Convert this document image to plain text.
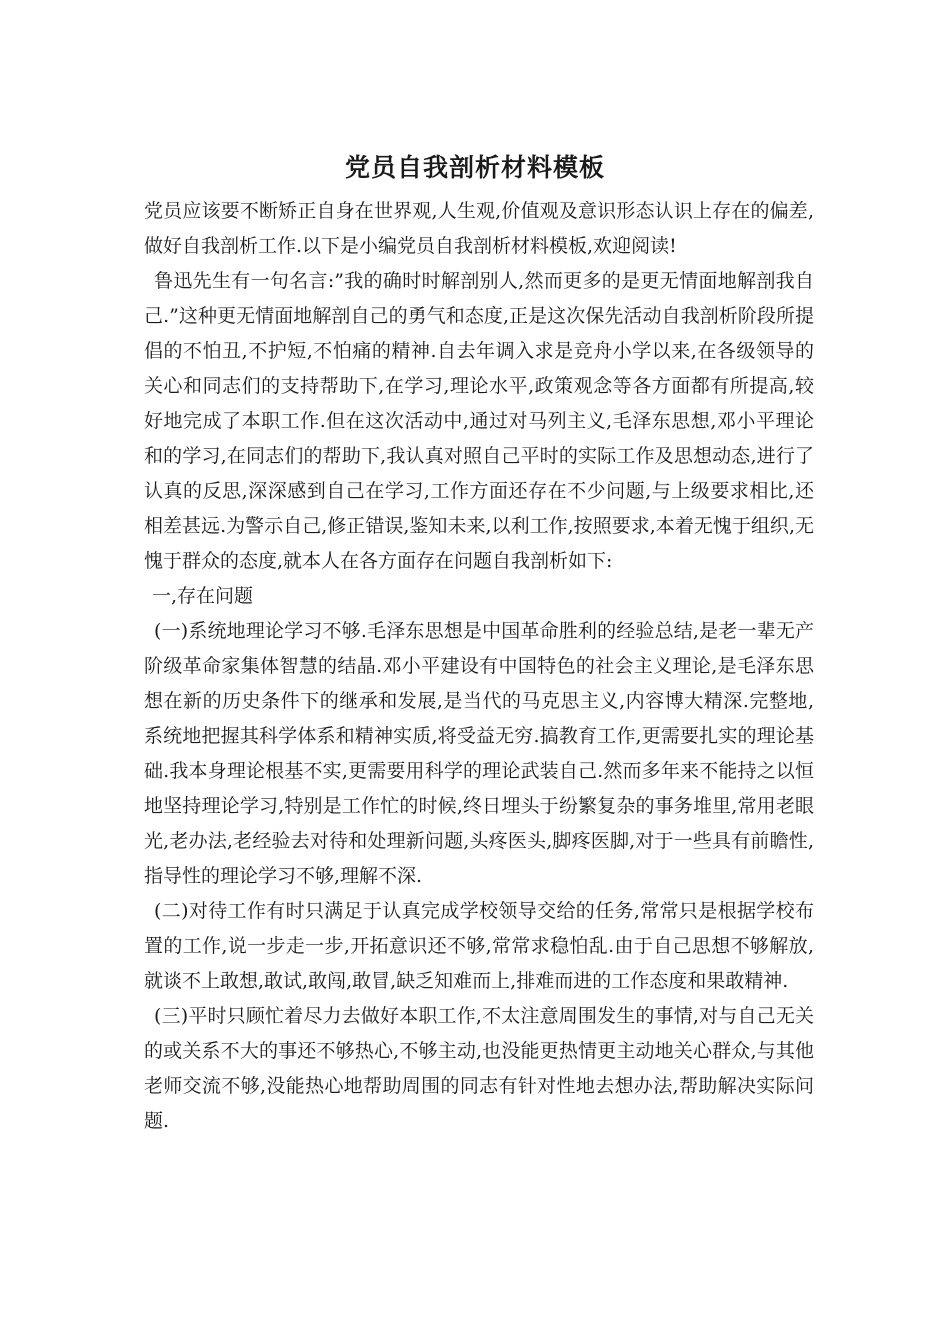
党员自我剖析材料模板

党员应该要不断矫正自身在世界观,人生观,价值观及意识形态认识上存在的偏差,做好自我剖析工作.以下是小编党员自我剖析材料模板,欢迎阅读!

鲁迅先生有一句名言:”我的确时时解剖别人,然而更多的是更无情面地解剖我自己.”这种更无情面地解剖自己的勇气和态度,正是这次保先活动自我剖析阶段所提倡的不怕丑,不护短,不怕痛的精神.自去年调入求是竞舟小学以来,在各级领导的关心和同志们的支持帮助下,在学习,理论水平,政策观念等各方面都有所提高,较好地完成了本职工作.但在这次活动中,通过对马列主义,毛泽东思想,邓小平理论和的学习,在同志们的帮助下,我认真对照自己平时的实际工作及思想动态,进行了认真的反思,深深感到自己在学习,工作方面还存在不少问题,与上级要求相比,还相差甚远.为警示自己,修正错误,鉴知未来,以利工作,按照要求,本着无愧于组织,无愧于群众的态度,就本人在各方面存在问题自我剖析如下:

一,存在问题

(一)系统地理论学习不够.毛泽东思想是中国革命胜利的经验总结,是老一辈无产阶级革命家集体智慧的结晶.邓小平建设有中国特色的社会主义理论,是毛泽东思想在新的历史条件下的继承和发展,是当代的马克思主义,内容博大精深.完整地,系统地把握其科学体系和精神实质,将受益无穷.搞教育工作,更需要扎实的理论基础.我本身理论根基不实,更需要用科学的理论武装自己.然而多年来不能持之以恒地坚持理论学习,特别是工作忙的时候,终日埋头于纷繁复杂的事务堆里,常用老眼光,老办法,老经验去对待和处理新问题,头疼医头,脚疼医脚,对于一些具有前瞻性,指导性的理论学习不够,理解不深.

(二)对待工作有时只满足于认真完成学校领导交给的任务,常常只是根据学校布置的工作,说一步走一步,开拓意识还不够,常常求稳怕乱.由于自己思想不够解放,就谈不上敢想,敢试,敢闯,敢冒,缺乏知难而上,排难而进的工作态度和果敢精神.

(三)平时只顾忙着尽力去做好本职工作,不太注意周围发生的事情,对与自己无关的或关系不大的事还不够热心,不够主动,也没能更热情更主动地关心群众,与其他老师交流不够,没能热心地帮助周围的同志有针对性地去想办法,帮助解决实际问题.
